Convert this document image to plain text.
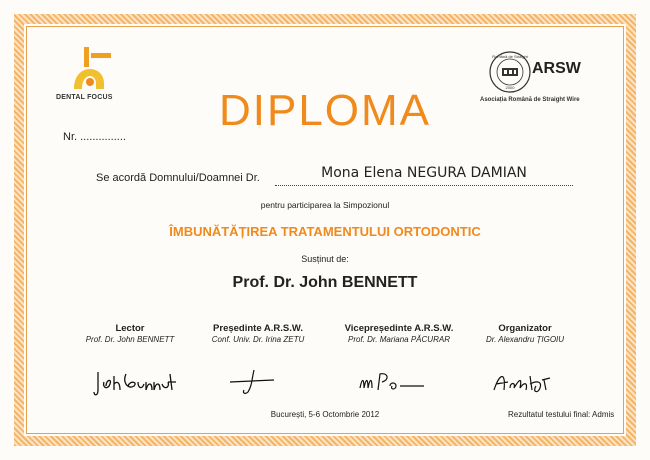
DENTAL FOCUS
Română de Straight
2000
ARSW
Asociația Română de Straight Wire
DIPLOMA
Nr. ...............
Se acordă Domnului/Doamnei Dr.	Mona Elena NEGURA DAMIAN
pentru participarea la Simpozionul
ÎMBUNĂTĂȚIREA TRATAMENTULUI ORTODONTIC
Susținut de:
Prof. Dr. John BENNETT
Lector
Prof. Dr. John BENNETT
Președinte A.R.S.W.
Conf. Univ. Dr. Irina ZETU
Vicepreședinte A.R.S.W.
Prof. Dr. Mariana PĂCURAR
Organizator
Dr. Alexandru ȚIGOIU
București, 5-6 Octombrie 2012	Rezultatul testului final: Admis
